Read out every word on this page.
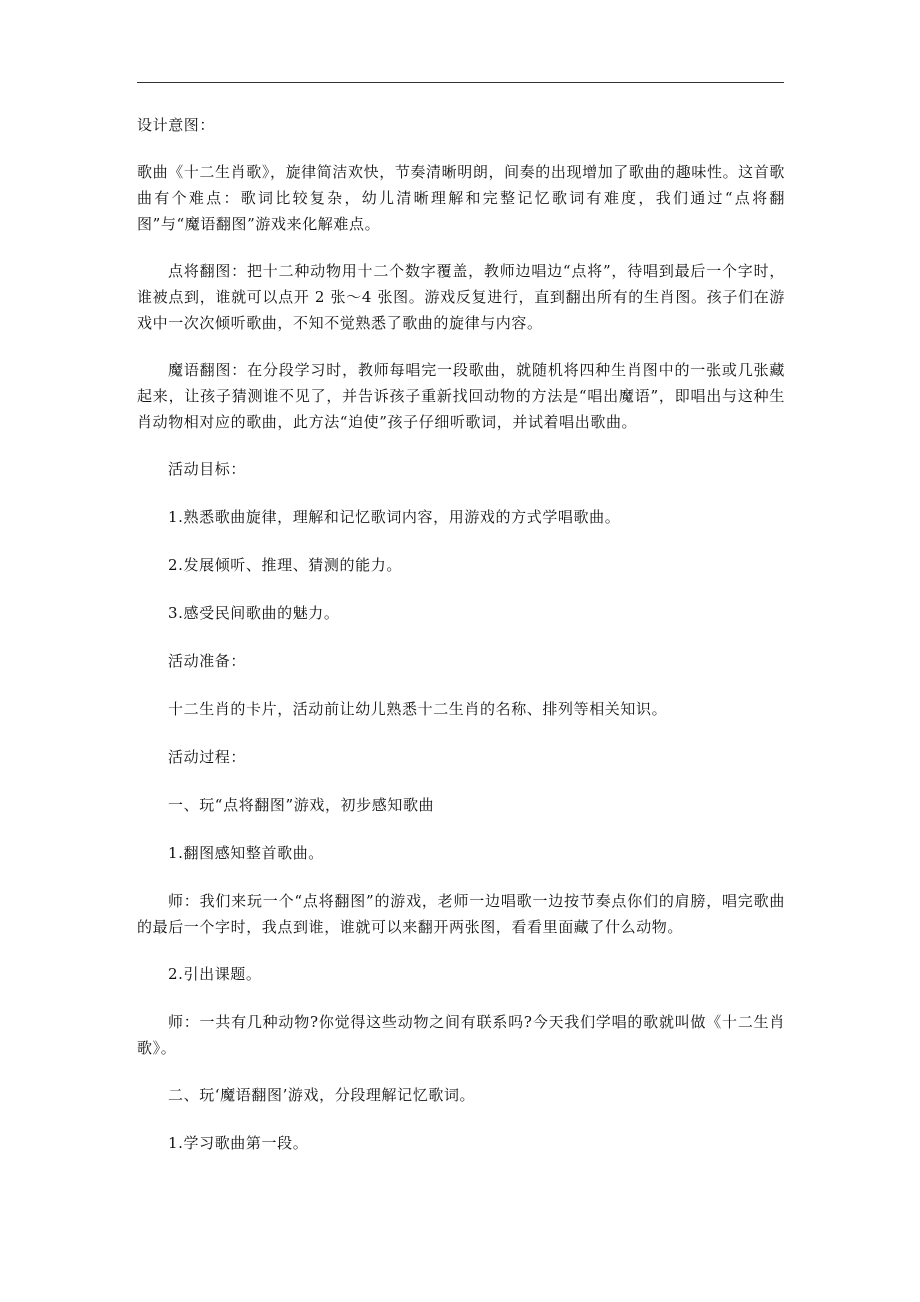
设计意图：

歌曲《十二生肖歌》，旋律简洁欢快，节奏清晰明朗，间奏的出现增加了歌曲的趣味性。这首歌曲有个难点：歌词比较复杂，幼儿清晰理解和完整记忆歌词有难度，我们通过“点将翻图”与“魔语翻图”游戏来化解难点。

点将翻图：把十二种动物用十二个数字覆盖，教师边唱边“点将”，待唱到最后一个字时，谁被点到，谁就可以点开 2 张～4 张图。游戏反复进行，直到翻出所有的生肖图。孩子们在游戏中一次次倾听歌曲，不知不觉熟悉了歌曲的旋律与内容。

魔语翻图：在分段学习时，教师每唱完一段歌曲，就随机将四种生肖图中的一张或几张藏起来，让孩子猜测谁不见了，并告诉孩子重新找回动物的方法是“唱出魔语”，即唱出与这种生肖动物相对应的歌曲，此方法“迫使”孩子仔细听歌词，并试着唱出歌曲。

活动目标：

1.熟悉歌曲旋律，理解和记忆歌词内容，用游戏的方式学唱歌曲。

2.发展倾听、推理、猜测的能力。

3.感受民间歌曲的魅力。

活动准备：

十二生肖的卡片，活动前让幼儿熟悉十二生肖的名称、排列等相关知识。

活动过程：

一、玩“点将翻图”游戏，初步感知歌曲

1.翻图感知整首歌曲。

师：我们来玩一个“点将翻图”的游戏，老师一边唱歌一边按节奏点你们的肩膀，唱完歌曲的最后一个字时，我点到谁，谁就可以来翻开两张图，看看里面藏了什么动物。

2.引出课题。

师：一共有几种动物?你觉得这些动物之间有联系吗?今天我们学唱的歌就叫做《十二生肖歌》。

二、玩‘魔语翻图’游戏，分段理解记忆歌词。

1.学习歌曲第一段。
